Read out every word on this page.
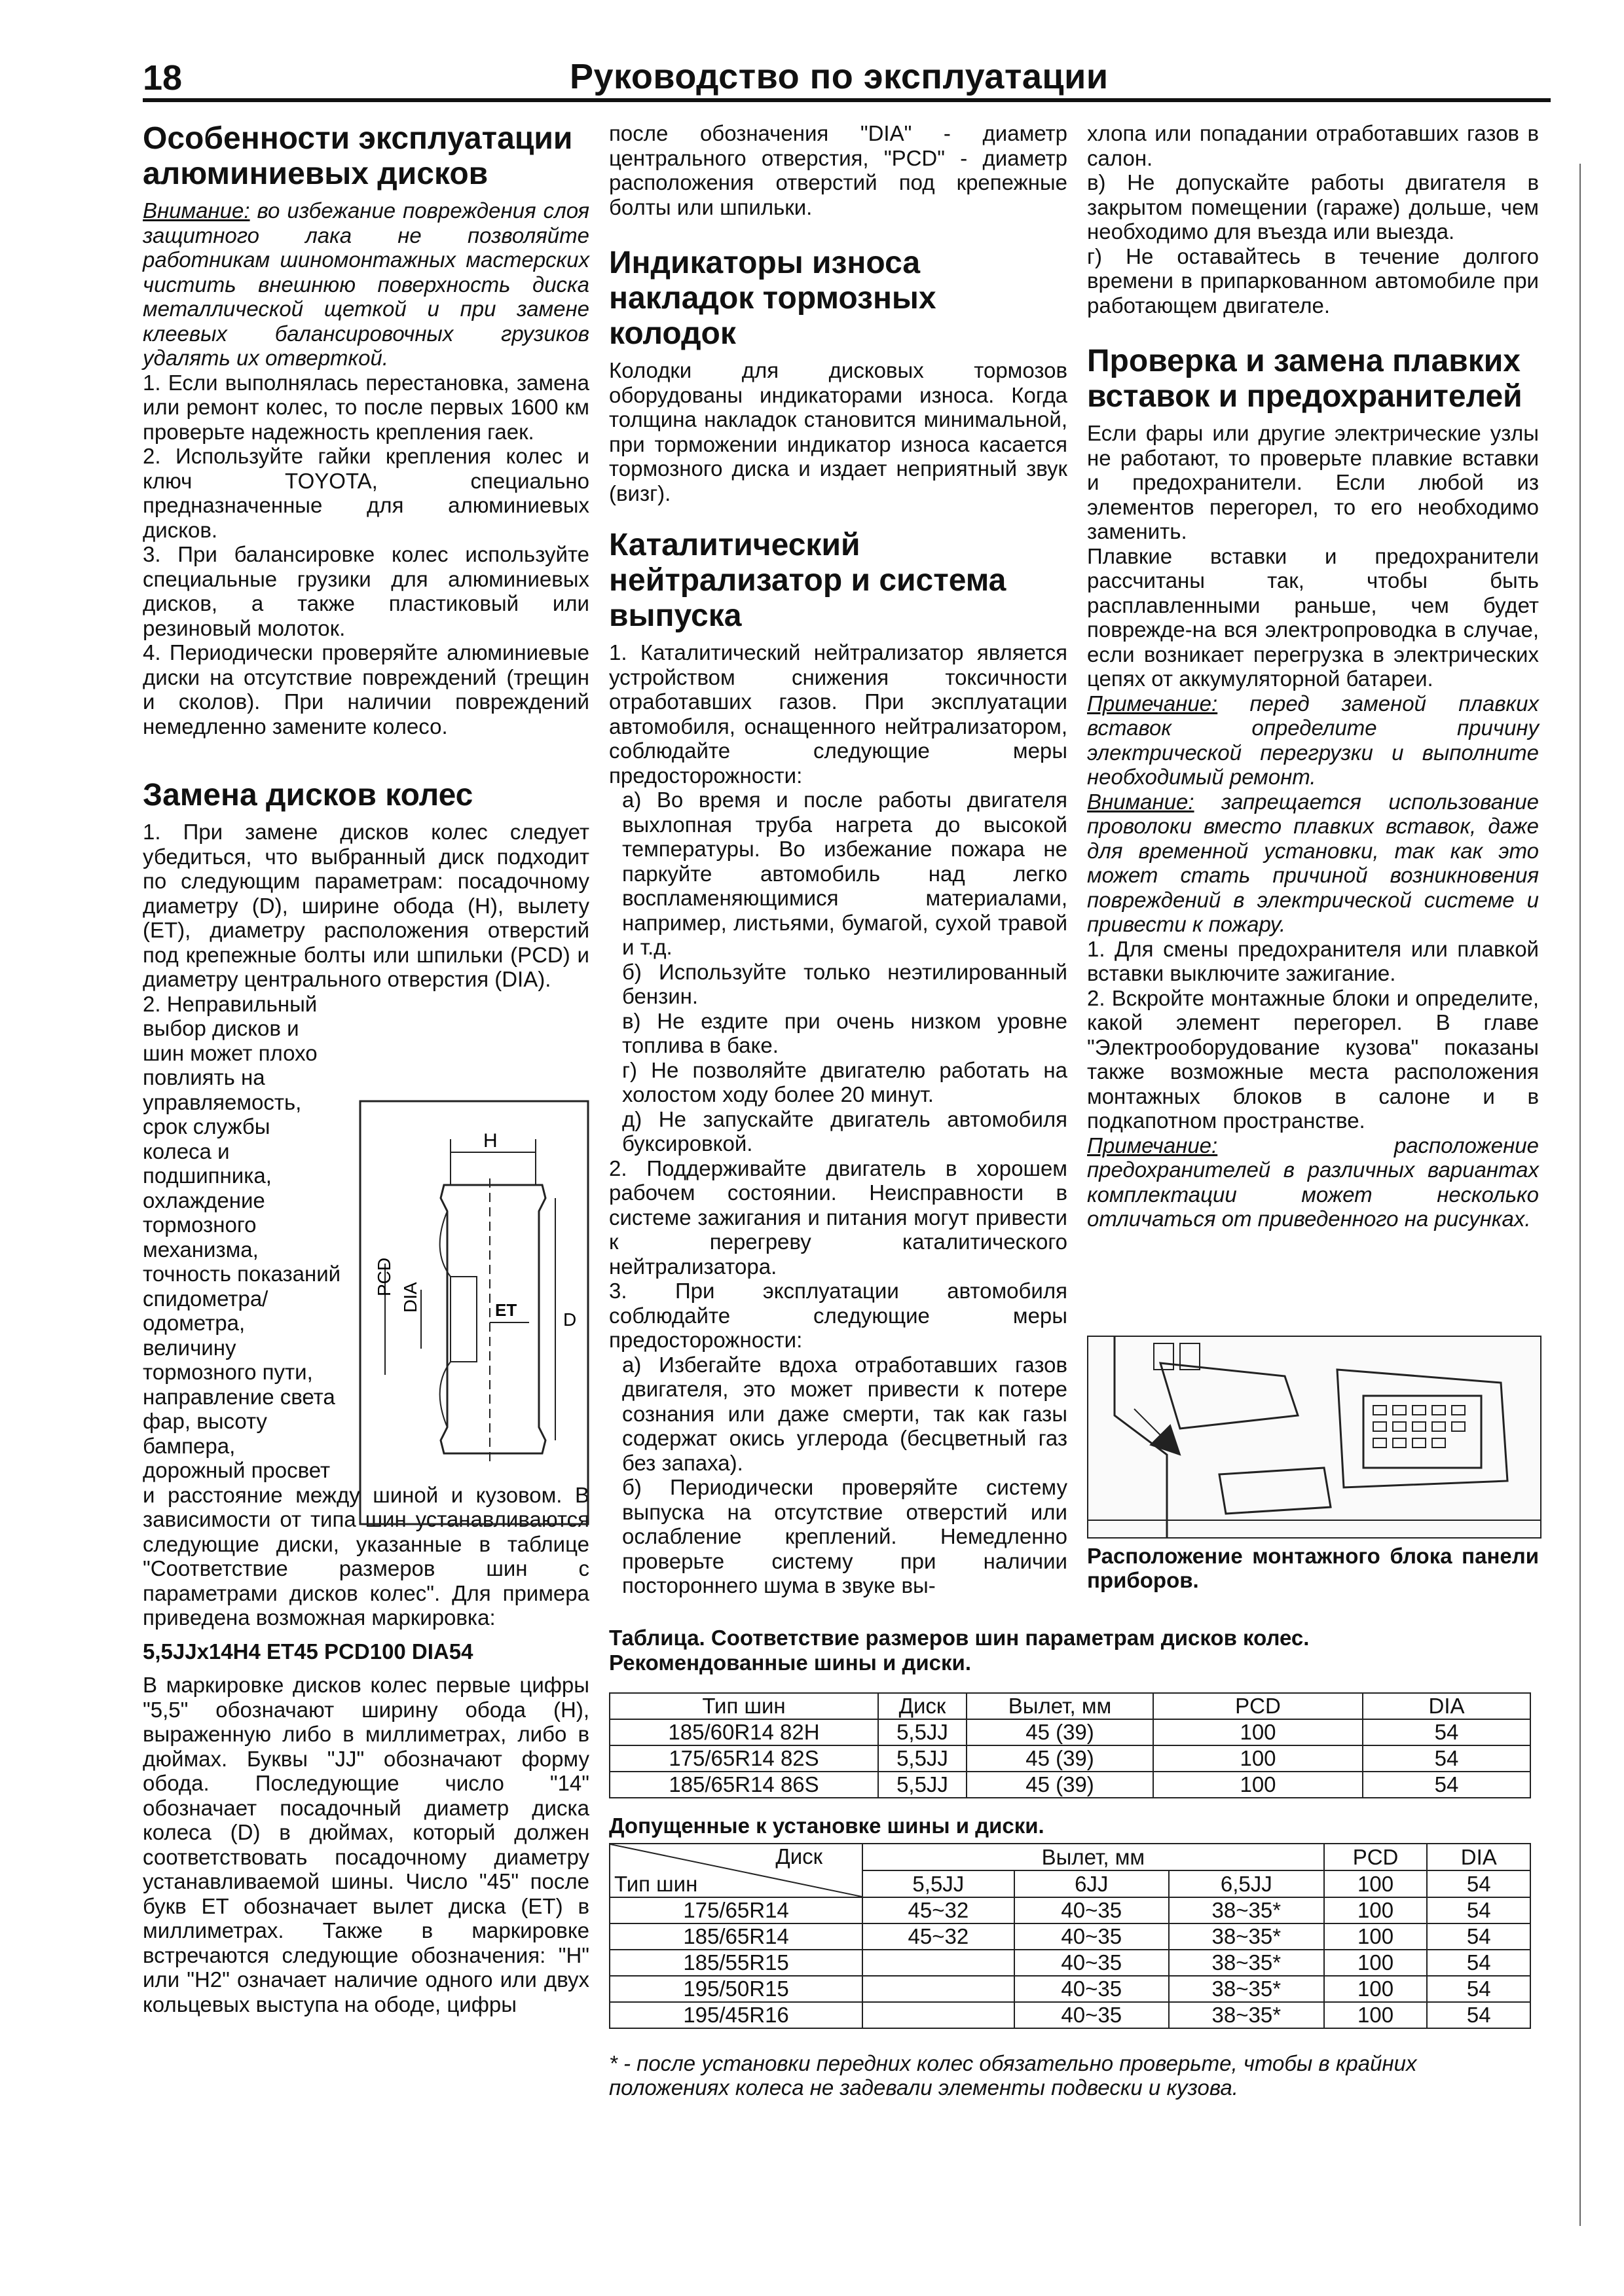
18	Руководство по эксплуатации
Особенности эксплуатации алюминиевых дисков

Внимание: во избежание повреждения слоя защитного лака не позволяйте работникам шиномонтажных мастерских чистить внешнюю поверхность диска металлической щеткой и при замене клеевых балансировочных грузиков удалять их отверткой.

1. Если выполнялась перестановка, замена или ремонт колес, то после первых 1600 км проверьте надежность крепления гаек.

2. Используйте гайки крепления колес и ключ TOYOTA, специально предназначенные для алюминиевых дисков.

3. При балансировке колес используйте специальные грузики для алюминиевых дисков, а также пластиковый или резиновый молоток.

4. Периодически проверяйте алюминиевые диски на отсутствие повреждений (трещин и сколов). При наличии повреждений немедленно замените колесо.

Замена дисков колес

1. При замене дисков колес следует убедиться, что выбранный диск подходит по следующим параметрам: посадочному диаметру (D), ширине обода (H), вылету (ET), диаметру расположения отверстий под крепежные болты или шпильки (PCD) и диаметру центрального отверстия (DIA).

2. Неправильный выбор дисков и шин может плохо повлиять на управляемость, срок службы колеса и подшипника, охлаждение тормозного механизма, точность показаний спидометра/одометра, величину тормозного пути, направление света фар, высоту бампера, дорожный просвет

и расстояние между шиной и кузовом. В зависимости от типа шин устанавливаются следующие диски, указанные в таблице "Соответствие размеров шин с параметрами дисков колес". Для примера приведена возможная маркировка:

5,5JJx14H4 ET45 PCD100 DIA54

В маркировке дисков колес первые цифры "5,5" обозначают ширину обода (H), выраженную либо в миллиметрах, либо в дюймах. Буквы "JJ" обозначают форму обода. Последующие число "14" обозначает посадочный диаметр диска колеса (D) в дюймах, который должен соответствовать посадочному диаметру устанавливаемой шины. Число "45" после букв ET обозначает вылет диска (ET) в миллиметрах. Также в маркировке встречаются следующие обозначения: "H" или "H2" означает наличие одного или двух кольцевых выступа на ободе, цифры

H
ET	D
PCD
DIA

после обозначения "DIA" - диаметр центрального отверстия, "PCD" - диаметр расположения отверстий под крепежные болты или шпильки.

Индикаторы износа накладок тормозных колодок

Колодки для дисковых тормозов оборудованы индикаторами износа. Когда толщина накладок становится минимальной, при торможении индикатор износа касается тормозного диска и издает неприятный звук (визг).

Каталитический нейтрализатор и система выпуска

1. Каталитический нейтрализатор является устройством снижения токсичности отработавших газов. При эксплуатации автомобиля, оснащенного нейтрализатором, соблюдайте следующие меры предосторожности:

а) Во время и после работы двигателя выхлопная труба нагрета до высокой температуры. Во избежание пожара не паркуйте автомобиль над легко воспламеняющимися материалами, например, листьями, бумагой, сухой травой и т.д.

б) Используйте только неэтилированный бензин.

в) Не ездите при очень низком уровне топлива в баке.

г) Не позволяйте двигателю работать на холостом ходу более 20 минут.

д) Не запускайте двигатель автомобиля буксировкой.

2. Поддерживайте двигатель в хорошем рабочем состоянии. Неисправности в системе зажигания и питания могут привести к перегреву каталитического нейтрализатора.

3. При эксплуатации автомобиля соблюдайте следующие меры предосторожности:

а) Избегайте вдоха отработавших газов двигателя, это может привести к потере сознания или даже смерти, так как газы содержат окись углерода (бесцветный газ без запаха).

б) Периодически проверяйте систему выпуска на отсутствие отверстий или ослабление креплений. Немедленно проверьте систему при наличии постороннего шума в звуке вы-

хлопа или попадании отработавших газов в салон.

в) Не допускайте работы двигателя в закрытом помещении (гараже) дольше, чем необходимо для въезда или выезда.

г) Не оставайтесь в течение долгого времени в припаркованном автомобиле при работающем двигателе.

Проверка и замена плавких вставок и предохранителей

Если фары или другие электрические узлы не работают, то проверьте плавкие вставки и предохранители. Если любой из элементов перегорел, то его необходимо заменить.

Плавкие вставки и предохранители рассчитаны так, чтобы быть расплавленными раньше, чем будет поврежде-на вся электропроводка в случае, если возникает перегрузка в электрических цепях от аккумуляторной батареи.

Примечание: перед заменой плавких вставок определите причину электрической перегрузки и выполните необходимый ремонт.

Внимание: запрещается использование проволоки вместо плавких вставок, даже для временной установки, так как это может стать причиной возникновения повреждений в электрической системе и привести к пожару.

1. Для смены предохранителя или плавкой вставки выключите зажигание.

2. Вскройте монтажные блоки и определите, какой элемент перегорел. В главе "Электрооборудование кузова" показаны также возможные места расположения монтажных блоков в салоне и в подкапотном пространстве.

Примечание: расположение предохранителей в различных вариантах комплектации может несколько отличаться от приведенного на рисунках.

Расположение монтажного блока панели приборов.
Таблица. Соответствие размеров шин параметрам дисков колес.
Рекомендованные шины и диски.
Тип шин	Диск	Вылет, мм	PCD	DIA
185/60R14 82H	5,5JJ	45 (39)	100	54
175/65R14 82S	5,5JJ	45 (39)	100	54
185/65R14 86S	5,5JJ	45 (39)	100	54
Допущенные к установке шины и диски.
Диск
Тип шин	Вылет, мм			PCD	DIA
	5,5JJ	6JJ	6,5JJ	100	54
175/65R14	45~32	40~35	38~35*	100	54
185/65R14	45~32	40~35	38~35*	100	54
185/55R15		40~35	38~35*	100	54
195/50R15		40~35	38~35*	100	54
195/45R16		40~35	38~35*	100	54
* - после установки передних колес обязательно проверьте, чтобы в крайних положениях колеса не задевали элементы подвески и кузова.
